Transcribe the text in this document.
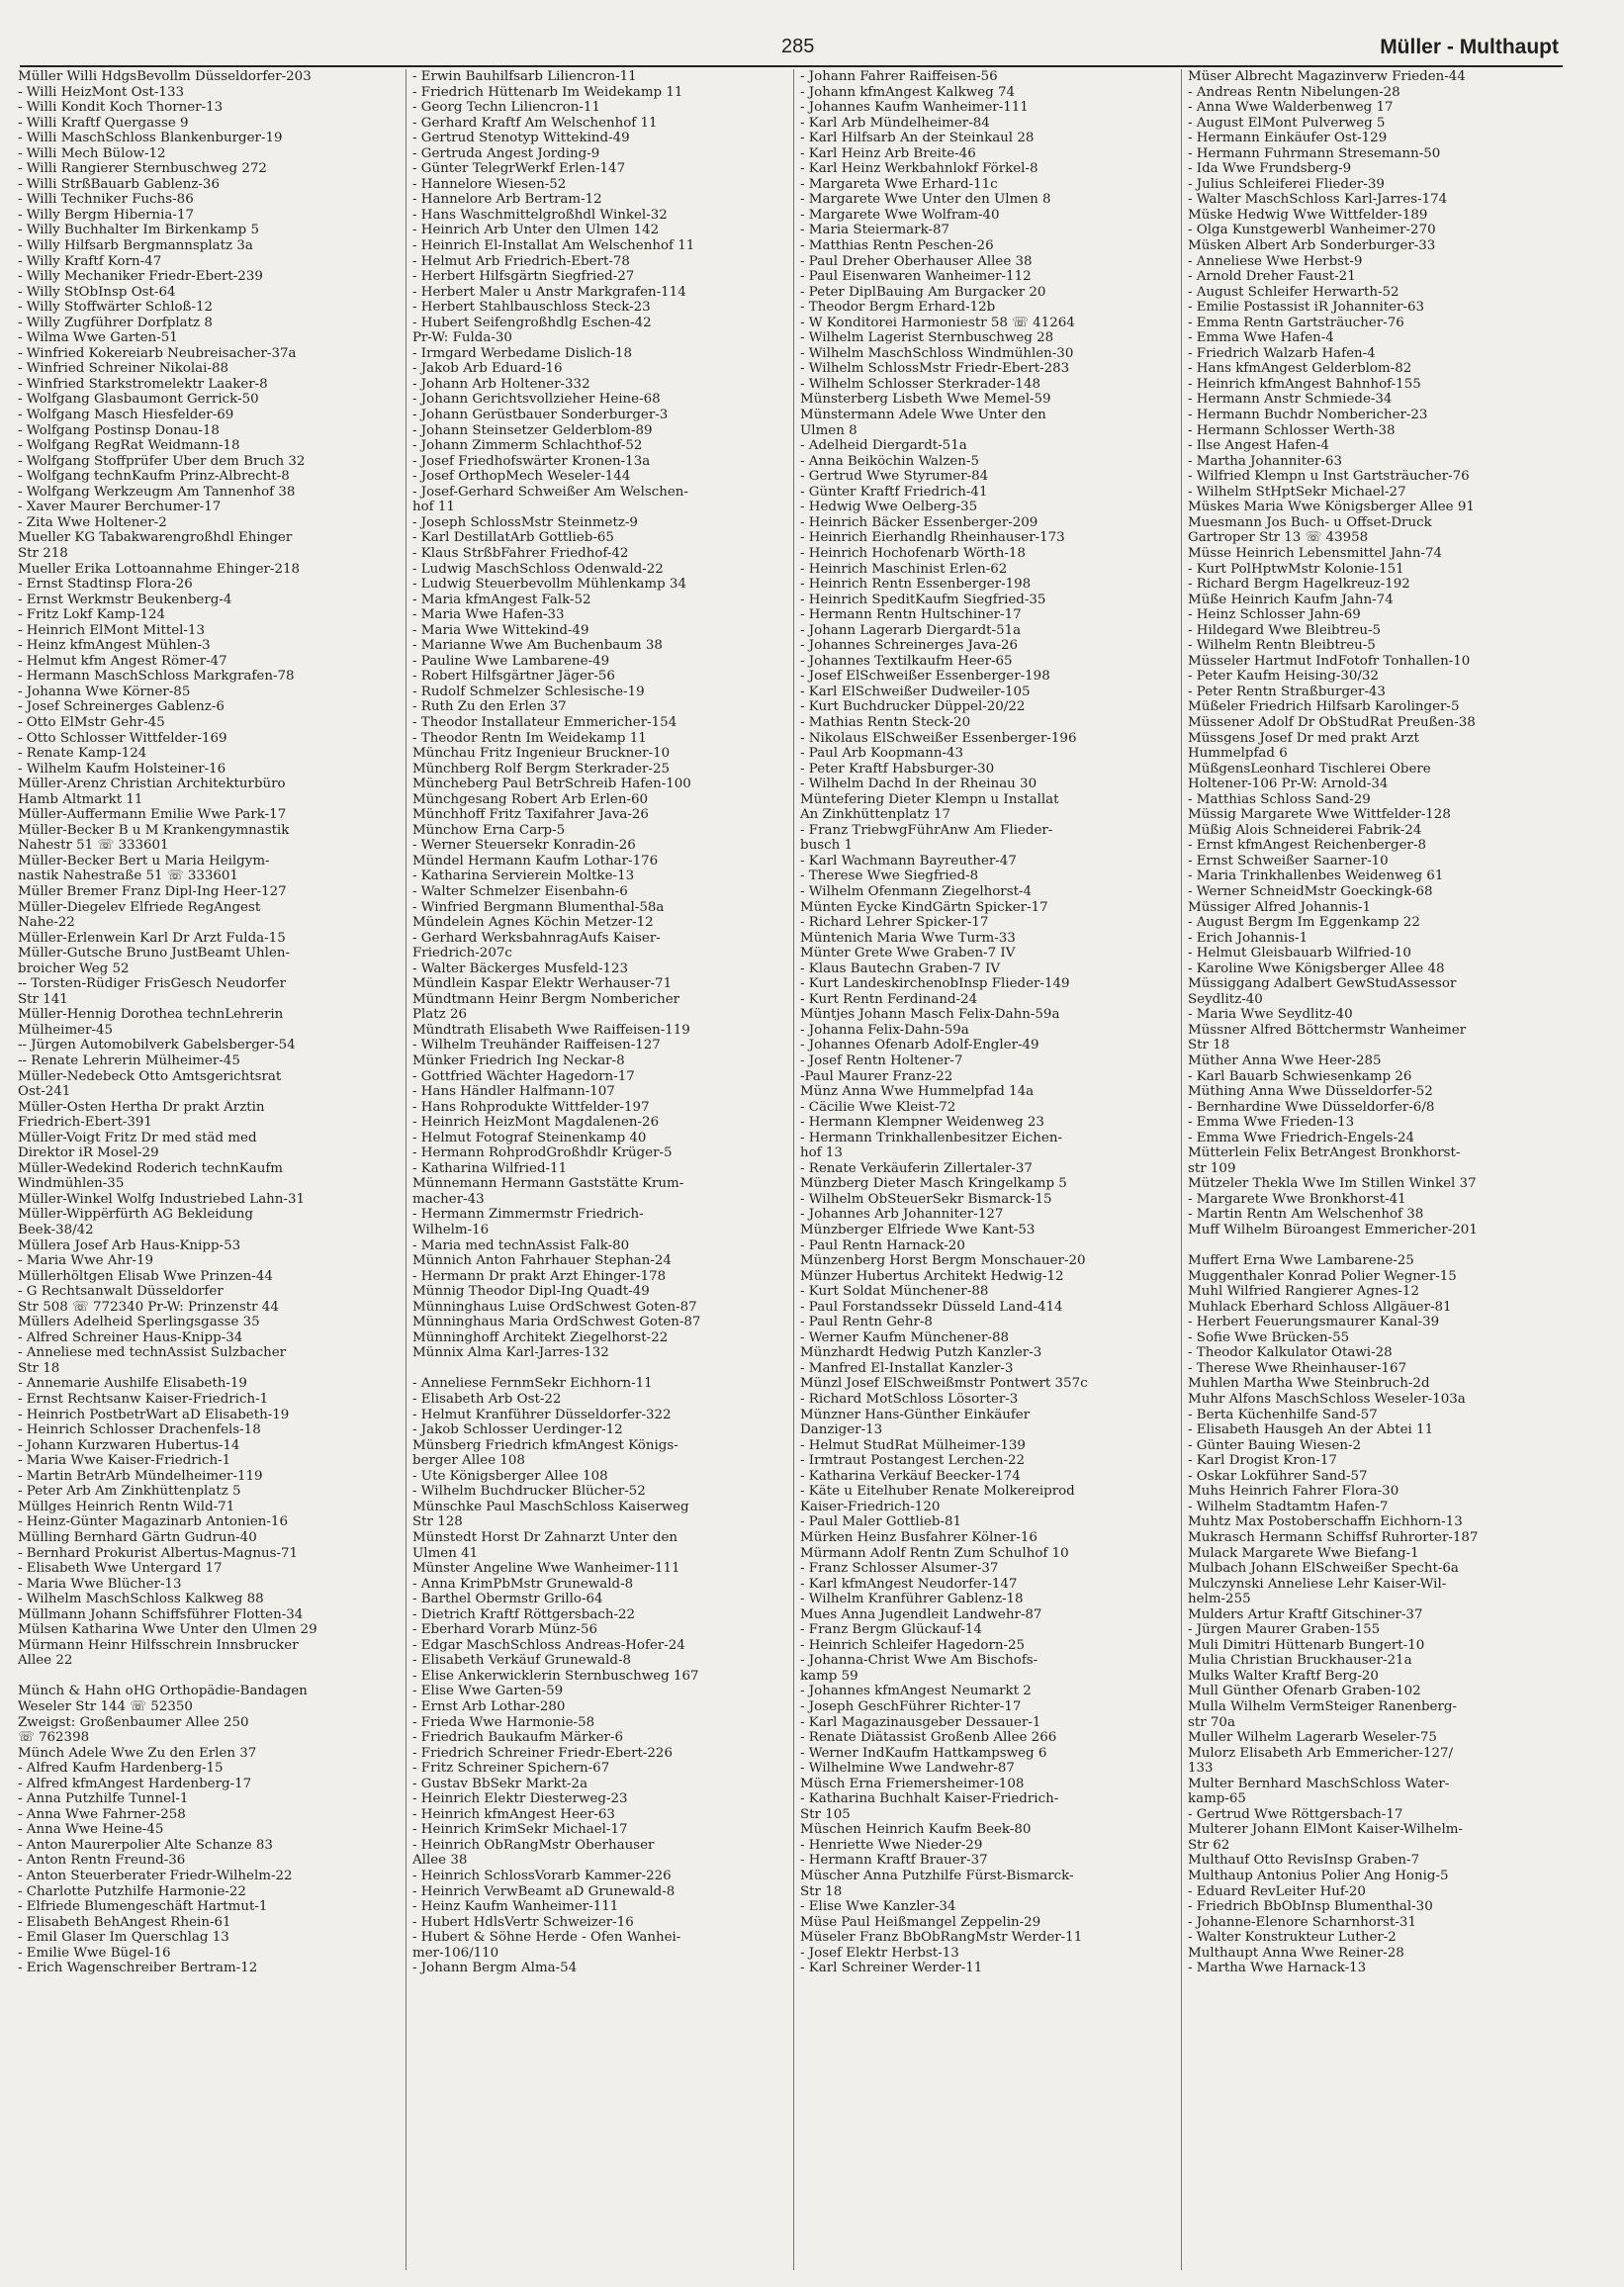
285	Müller - Multhaupt

Müller Willi HdgsBevollm Düsseldorfer-203

- Willi HeizMont Ost-133

- Willi Kondit Koch Thorner-13

- Willi Kraftf Quergasse 9

- Willi MaschSchloss Blankenburger-19

- Willi Mech Bülow-12

- Willi Rangierer Sternbuschweg 272

- Willi StrßBauarb Gablenz-36

- Willi Techniker Fuchs-86

- Willy Bergm Hibernia-17

- Willy Buchhalter Im Birkenkamp 5

- Willy Hilfsarb Bergmannsplatz 3a

- Willy Kraftf Korn-47

- Willy Mechaniker Friedr-Ebert-239

- Willy StObInsp Ost-64

- Willy Stoffwärter Schloß-12

- Willy Zugführer Dorfplatz 8

- Wilma Wwe Garten-51

- Winfried Kokereiarb Neubreisacher-37a

- Winfried Schreiner Nikolai-88

- Winfried Starkstromelektr Laaker-8

- Wolfgang Glasbaumont Gerrick-50

- Wolfgang Masch Hiesfelder-69

- Wolfgang Postinsp Donau-18

- Wolfgang RegRat Weidmann-18

- Wolfgang Stoffprüfer Über dem Bruch 32

- Wolfgang technKaufm Prinz-Albrecht-8

- Wolfgang Werkzeugm Am Tannenhof 38

- Xaver Maurer Berchumer-17

- Zita Wwe Holtener-2

Mueller KG Tabakwarengroßhdl Ehinger

Str 218

Mueller Erika Lottoannahme Ehinger-218

- Ernst Stadtinsp Flora-26

- Ernst Werkmstr Beukenberg-4

- Fritz Lokf Kamp-124

- Heinrich ElMont Mittel-13

- Heinz kfmAngest Mühlen-3

- Helmut kfm Angest Römer-47

- Hermann MaschSchloss Markgrafen-78

- Johanna Wwe Körner-85

- Josef Schreinerges Gablenz-6

- Otto ElMstr Gehr-45

- Otto Schlosser Wittfelder-169

- Renate Kamp-124

- Wilhelm Kaufm Holsteiner-16

Müller-Arenz Christian Architekturbüro

Hamb Altmarkt 11

Müller-Auffermann Emilie Wwe Park-17

Müller-Becker B u M Krankengymnastik

Nahestr 51 ☏ 333601

Müller-Becker Bert u Maria Heilgym-

nastik Nahestraße 51 ☏ 333601

Müller Bremer Franz Dipl-Ing Heer-127

Müller-Diegelev Elfriede RegAngest

Nahe-22

Müller-Erlenwein Karl Dr Arzt Fulda-15

Müller-Gutsche Bruno JustBeamt Uhlen-

broicher Weg 52

-- Torsten-Rüdiger FrisGesch Neudorfer

Str 141

Müller-Hennig Dorothea technLehrerin

Mülheimer-45

-- Jürgen Automobilverk Gabelsberger-54

-- Renate Lehrerin Mülheimer-45

Müller-Nedebeck Otto Amtsgerichtsrat

Ost-241

Müller-Osten Hertha Dr prakt Ärztin

Friedrich-Ebert-391

Müller-Voigt Fritz Dr med städ med

Direktor iR Mosel-29

Müller-Wedekind Roderich technKaufm

Windmühlen-35

Müller-Winkel Wolfg Industriebed Lahn-31

Müller-Wippërfürth AG Bekleidung

Beek-38/42

Müllera Josef Arb Haus-Knipp-53

- Maria Wwe Ahr-19

Müllerhöltgen Elisab Wwe Prinzen-44

- G Rechtsanwalt Düsseldorfer

Str 508 ☏ 772340 Pr-W: Prinzenstr 44

Müllers Adelheid Sperlingsgasse 35

- Alfred Schreiner Haus-Knipp-34

- Anneliese med technAssist Sulzbacher

Str 18

- Annemarie Aushilfe Elisabeth-19

- Ernst Rechtsanw Kaiser-Friedrich-1

- Heinrich PostbetrWart aD Elisabeth-19

- Heinrich Schlosser Drachenfels-18

- Johann Kurzwaren Hubertus-14

- Maria Wwe Kaiser-Friedrich-1

- Martin BetrArb Mündelheimer-119

- Peter Arb Am Zinkhüttenplatz 5

Müllges Heinrich Rentn Wild-71

- Heinz-Günter Magazinarb Antonien-16

Mülling Bernhard Gärtn Gudrun-40

- Bernhard Prokurist Albertus-Magnus-71

- Elisabeth Wwe Untergard 17

- Maria Wwe Blücher-13

- Wilhelm MaschSchloss Kalkweg 88

Müllmann Johann Schiffsführer Flotten-34

Mülsen Katharina Wwe Unter den Ulmen 29

Mürmann Heinr Hilfsschrein Innsbrucker

Allee 22

Münch & Hahn oHG Orthopädie-Bandagen

Weseler Str 144 ☏ 52350

Zweigst: Großenbaumer Allee 250

☏ 762398

Münch Adele Wwe Zu den Erlen 37

- Alfred Kaufm Hardenberg-15

- Alfred kfmAngest Hardenberg-17

- Anna Putzhilfe Tunnel-1

- Anna Wwe Fahrner-258

- Anna Wwe Heine-45

- Anton Maurerpolier Alte Schanze 83

- Anton Rentn Freund-36

- Anton Steuerberater Friedr-Wilhelm-22

- Charlotte Putzhilfe Harmonie-22

- Elfriede Blumengeschäft Hartmut-1

- Elisabeth BehAngest Rhein-61

- Emil Glaser Im Querschlag 13

- Emilie Wwe Bügel-16

- Erich Wagenschreiber Bertram-12

- Erwin Bauhilfsarb Liliencron-11

- Friedrich Hüttenarb Im Weidekamp 11

- Georg Techn Liliencron-11

- Gerhard Kraftf Am Welschenhof 11

- Gertrud Stenotyp Wittekind-49

- Gertruda Angest Jording-9

- Günter TelegrWerkf Erlen-147

- Hannelore Wiesen-52

- Hannelore Arb Bertram-12

- Hans Waschmittelgroßhdl Winkel-32

- Heinrich Arb Unter den Ulmen 142

- Heinrich El-Installat Am Welschenhof 11

- Helmut Arb Friedrich-Ebert-78

- Herbert Hilfsgärtn Siegfried-27

- Herbert Maler u Anstr Markgrafen-114

- Herbert Stahlbauschloss Steck-23

- Hubert Seifengroßhdlg Eschen-42

Pr-W: Fulda-30

- Irmgard Werbedame Dislich-18

- Jakob Arb Eduard-16

- Johann Arb Holtener-332

- Johann Gerichtsvollzieher Heine-68

- Johann Gerüstbauer Sonderburger-3

- Johann Steinsetzer Gelderblom-89

- Johann Zimmerm Schlachthof-52

- Josef Friedhofswärter Kronen-13a

- Josef OrthopMech Weseler-144

- Josef-Gerhard Schweißer Am Welschen-

hof 11

- Joseph SchlossMstr Steinmetz-9

- Karl DestillatArb Gottlieb-65

- Klaus StrßbFahrer Friedhof-42

- Ludwig MaschSchloss Odenwald-22

- Ludwig Steuerbevollm Mühlenkamp 34

- Maria kfmAngest Falk-52

- Maria Wwe Hafen-33

- Maria Wwe Wittekind-49

- Marianne Wwe Am Buchenbaum 38

- Pauline Wwe Lambarene-49

- Robert Hilfsgärtner Jäger-56

- Rudolf Schmelzer Schlesische-19

- Ruth Zu den Erlen 37

- Theodor Installateur Emmericher-154

- Theodor Rentn Im Weidekamp 11

Münchau Fritz Ingenieur Bruckner-10

Münchberg Rolf Bergm Sterkrader-25

Müncheberg Paul BetrSchreib Hafen-100

Münchgesang Robert Arb Erlen-60

Münchhoff Fritz Taxifahrer Java-26

Münchow Erna Carp-5

- Werner Steuersekr Konradin-26

Mündel Hermann Kaufm Lothar-176

- Katharina Servierein Moltke-13

- Walter Schmelzer Eisenbahn-6

- Winfried Bergmann Blumenthal-58a

Mündelein Agnes Köchin Metzer-12

- Gerhard WerksbahnragAufs Kaiser-

Friedrich-207c

- Walter Bäckerges Musfeld-123

Mündlein Kaspar Elektr Werhauser-71

Mündtmann Heinr Bergm Nombericher

Platz 26

Mündtrath Elisabeth Wwe Raiffeisen-119

- Wilhelm Treuhänder Raiffeisen-127

Münker Friedrich Ing Neckar-8

- Gottfried Wächter Hagedorn-17

- Hans Händler Halfmann-107

- Hans Rohprodukte Wittfelder-197

- Heinrich HeizMont Magdalenen-26

- Helmut Fotograf Steinenkamp 40

- Hermann RohprodGroßhdlr Krüger-5

- Katharina Wilfried-11

Münnemann Hermann Gaststätte Krum-

macher-43

- Hermann Zimmermstr Friedrich-

Wilhelm-16

- Maria med technAssist Falk-80

Münnich Anton Fahrhauer Stephan-24

- Hermann Dr prakt Arzt Ehinger-178

Münnig Theodor Dipl-Ing Quadt-49

Münninghaus Luise OrdSchwest Goten-87

Münninghaus Maria OrdSchwest Goten-87

Münninghoff Architekt Ziegelhorst-22

Münnix Alma Karl-Jarres-132

- Anneliese FernmSekr Eichhorn-11

- Elisabeth Arb Ost-22

- Helmut Kranführer Düsseldorfer-322

- Jakob Schlosser Uerdinger-12

Münsberg Friedrich kfmAngest Königs-

berger Allee 108

- Ute Königsberger Allee 108

- Wilhelm Buchdrucker Blücher-52

Münschke Paul MaschSchloss Kaiserweg

Str 128

Münstedt Horst Dr Zahnarzt Unter den

Ulmen 41

Münster Angeline Wwe Wanheimer-111

- Anna KrimPbMstr Grunewald-8

- Barthel Obermstr Grillo-64

- Dietrich Kraftf Röttgersbach-22

- Eberhard Vorarb Münz-56

- Edgar MaschSchloss Andreas-Hofer-24

- Elisabeth Verkäuf Grunewald-8

- Elise Ankerwicklerin Sternbuschweg 167

- Elise Wwe Garten-59

- Ernst Arb Lothar-280

- Frieda Wwe Harmonie-58

- Friedrich Baukaufm Märker-6

- Friedrich Schreiner Friedr-Ebert-226

- Fritz Schreiner Spichern-67

- Gustav BbSekr Markt-2a

- Heinrich Elektr Diesterweg-23

- Heinrich kfmAngest Heer-63

- Heinrich KrimSekr Michael-17

- Heinrich ObRangMstr Oberhauser

Allee 38

- Heinrich SchlossVorarb Kammer-226

- Heinrich VerwBeamt aD Grunewald-8

- Heinz Kaufm Wanheimer-111

- Hubert HdlsVertr Schweizer-16

- Hubert & Söhne Herde - Öfen Wanhei-

mer-106/110

- Johann Bergm Alma-54

- Johann Fahrer Raiffeisen-56

- Johann kfmAngest Kalkweg 74

- Johannes Kaufm Wanheimer-111

- Karl Arb Mündelheimer-84

- Karl Hilfsarb An der Steinkaul 28

- Karl Heinz Arb Breite-46

- Karl Heinz Werkbahnlokf Förkel-8

- Margareta Wwe Erhard-11c

- Margarete Wwe Unter den Ulmen 8

- Margarete Wwe Wolfram-40

- Maria Steiermark-87

- Matthias Rentn Peschen-26

- Paul Dreher Oberhauser Allee 38

- Paul Eisenwaren Wanheimer-112

- Peter DiplBauing Am Burgacker 20

- Theodor Bergm Erhard-12b

- W Konditorei Harmoniestr 58 ☏ 41264

- Wilhelm Lagerist Sternbuschweg 28

- Wilhelm MaschSchloss Windmühlen-30

- Wilhelm SchlossMstr Friedr-Ebert-283

- Wilhelm Schlosser Sterkrader-148

Münsterberg Lisbeth Wwe Memel-59

Münstermann Adele Wwe Unter den

Ulmen 8

- Adelheid Diergardt-51a

- Anna Beiköchin Walzen-5

- Gertrud Wwe Styrumer-84

- Günter Kraftf Friedrich-41

- Hedwig Wwe Oelberg-35

- Heinrich Bäcker Essenberger-209

- Heinrich Eierhandlg Rheinhauser-173

- Heinrich Hochofenarb Wörth-18

- Heinrich Maschinist Erlen-62

- Heinrich Rentn Essenberger-198

- Heinrich SpeditKaufm Siegfried-35

- Hermann Rentn Hultschiner-17

- Johann Lagerarb Diergardt-51a

- Johannes Schreinerges Java-26

- Johannes Textilkaufm Heer-65

- Josef ElSchweißer Essenberger-198

- Karl ElSchweißer Dudweiler-105

- Kurt Buchdrucker Düppel-20/22

- Mathias Rentn Steck-20

- Nikolaus ElSchweißer Essenberger-196

- Paul Arb Koopmann-43

- Peter Kraftf Habsburger-30

- Wilhelm Dachd In der Rheinau 30

Müntefering Dieter Klempn u Installat

An Zinkhüttenplatz 17

- Franz TriebwgFührAnw Am Flieder-

busch 1

- Karl Wachmann Bayreuther-47

- Therese Wwe Siegfried-8

- Wilhelm Ofenmann Ziegelhorst-4

Münten Eycke KindGärtn Spicker-17

- Richard Lehrer Spicker-17

Müntenich Maria Wwe Turm-33

Münter Grete Wwe Graben-7 IV

- Klaus Bautechn Graben-7 IV

- Kurt LandeskirchenobInsp Flieder-149

- Kurt Rentn Ferdinand-24

Müntjes Johann Masch Felix-Dahn-59a

- Johanna Felix-Dahn-59a

- Johannes Ofenarb Adolf-Engler-49

- Josef Rentn Holtener-7

-Paul Maurer Franz-22

Münz Anna Wwe Hummelpfad 14a

- Cäcilie Wwe Kleist-72

- Hermann Klempner Weidenweg 23

- Hermann Trinkhallenbesitzer Eichen-

hof 13

- Renate Verkäuferin Zillertaler-37

Münzberg Dieter Masch Kringelkamp 5

- Wilhelm ObSteuerSekr Bismarck-15

- Johannes Arb Johanniter-127

Münzberger Elfriede Wwe Kant-53

- Paul Rentn Harnack-20

Münzenberg Horst Bergm Monschauer-20

Münzer Hubertus Architekt Hedwig-12

- Kurt Soldat Münchener-88

- Paul Forstandssekr Düsseld Land-414

- Paul Rentn Gehr-8

- Werner Kaufm Münchener-88

Münzhardt Hedwig Putzh Kanzler-3

- Manfred El-Installat Kanzler-3

Münzl Josef ElSchweißmstr Pontwert 357c

- Richard MotSchloss Lösorter-3

Münzner Hans-Günther Einkäufer

Danziger-13

- Helmut StudRat Mülheimer-139

- Irmtraut Postangest Lerchen-22

- Katharina Verkäuf Beecker-174

- Käte u Eitelhuber Renate Molkereiprod

Kaiser-Friedrich-120

- Paul Maler Gottlieb-81

Mürken Heinz Busfahrer Kölner-16

Mürmann Adolf Rentn Zum Schulhof 10

- Franz Schlosser Alsumer-37

- Karl kfmAngest Neudorfer-147

- Wilhelm Kranführer Gablenz-18

Mues Anna Jugendleit Landwehr-87

- Franz Bergm Glückauf-14

- Heinrich Schleifer Hagedorn-25

- Johanna-Christ Wwe Am Bischofs-

kamp 59

- Johannes kfmAngest Neumarkt 2

- Joseph GeschFührer Richter-17

- Karl Magazinausgeber Dessauer-1

- Renate Diätassist Großenb Allee 266

- Werner IndKaufm Hattkampsweg 6

- Wilhelmine Wwe Landwehr-87

Müsch Erna Friemersheimer-108

- Katharina Buchhalt Kaiser-Friedrich-

Str 105

Müschen Heinrich Kaufm Beek-80

- Henriette Wwe Nieder-29

- Hermann Kraftf Brauer-37

Müscher Anna Putzhilfe Fürst-Bismarck-

Str 18

- Elise Wwe Kanzler-34

Müse Paul Heißmangel Zeppelin-29

Müseler Franz BbObRangMstr Werder-11

- Josef Elektr Herbst-13

- Karl Schreiner Werder-11

Müser Albrecht Magazinverw Frieden-44

- Andreas Rentn Nibelungen-28

- Anna Wwe Walderbenweg 17

- August ElMont Pulverweg 5

- Hermann Einkäufer Ost-129

- Hermann Fuhrmann Stresemann-50

- Ida Wwe Frundsberg-9

- Julius Schleiferei Flieder-39

- Walter MaschSchloss Karl-Jarres-174

Müske Hedwig Wwe Wittfelder-189

- Olga Kunstgewerbl Wanheimer-270

Müsken Albert Arb Sonderburger-33

- Anneliese Wwe Herbst-9

- Arnold Dreher Faust-21

- August Schleifer Herwarth-52

- Emilie Postassist iR Johanniter-63

- Emma Rentn Gartsträucher-76

- Emma Wwe Hafen-4

- Friedrich Walzarb Hafen-4

- Hans kfmAngest Gelderblom-82

- Heinrich kfmAngest Bahnhof-155

- Hermann Anstr Schmiede-34

- Hermann Buchdr Nombericher-23

- Hermann Schlosser Werth-38

- Ilse Angest Hafen-4

- Martha Johanniter-63

- Wilfried Klempn u Inst Gartsträucher-76

- Wilhelm StHptSekr Michael-27

Müskes Maria Wwe Königsberger Allee 91

Muesmann Jos Buch- u Offset-Druck

Gartroper Str 13 ☏ 43958

Müsse Heinrich Lebensmittel Jahn-74

- Kurt PolHptwMstr Kolonie-151

- Richard Bergm Hagelkreuz-192

Müße Heinrich Kaufm Jahn-74

- Heinz Schlosser Jahn-69

- Hildegard Wwe Bleibtreu-5

- Wilhelm Rentn Bleibtreu-5

Müsseler Hartmut IndFotofr Tonhallen-10

- Peter Kaufm Heising-30/32

- Peter Rentn Straßburger-43

Müßeler Friedrich Hilfsarb Karolinger-5

Müssener Adolf Dr ObStudRat Preußen-38

Müssgens Josef Dr med prakt Arzt

Hummelpfad 6

MüßgensLeonhard Tischlerei Obere

Holtener-106 Pr-W: Arnold-34

- Matthias Schloss Sand-29

Müssig Margarete Wwe Wittfelder-128

Müßig Alois Schneiderei Fabrik-24

- Ernst kfmAngest Reichenberger-8

- Ernst Schweißer Saarner-10

- Maria Trinkhallenbes Weidenweg 61

- Werner SchneidMstr Goeckingk-68

Müssiger Alfred Johannis-1

- August Bergm Im Eggenkamp 22

- Erich Johannis-1

- Helmut Gleisbauarb Wilfried-10

- Karoline Wwe Königsberger Allee 48

Müssiggang Adalbert GewStudAssessor

Seydlitz-40

- Maria Wwe Seydlitz-40

Müssner Alfred Böttchermstr Wanheimer

Str 18

Müther Anna Wwe Heer-285

- Karl Bauarb Schwiesenkamp 26

Müthing Anna Wwe Düsseldorfer-52

- Bernhardine Wwe Düsseldorfer-6/8

- Emma Wwe Frieden-13

- Emma Wwe Friedrich-Engels-24

Mütterlein Felix BetrAngest Bronkhorst-

str 109

Mützeler Thekla Wwe Im Stillen Winkel 37

- Margarete Wwe Bronkhorst-41

- Martin Rentn Am Welschenhof 38

Muff Wilhelm Büroangest Emmericher-201

Muffert Erna Wwe Lambarene-25

Muggenthaler Konrad Polier Wegner-15

Muhl Wilfried Rangierer Agnes-12

Muhlack Eberhard Schloss Allgäuer-81

- Herbert Feuerungsmaurer Kanal-39

- Sofie Wwe Brücken-55

- Theodor Kalkulator Otawi-28

- Therese Wwe Rheinhauser-167

Muhlen Martha Wwe Steinbruch-2d

Muhr Alfons MaschSchloss Weseler-103a

- Berta Küchenhilfe Sand-57

- Elisabeth Hausgeh An der Abtei 11

- Günter Bauing Wiesen-2

- Karl Drogist Kron-17

- Oskar Lokführer Sand-57

Muhs Heinrich Fahrer Flora-30

- Wilhelm Stadtamtm Hafen-7

Muhtz Max Postoberschaffn Eichhorn-13

Mukrasch Hermann Schiffsf Ruhrorter-187

Mulack Margarete Wwe Biefang-1

Mulbach Johann ElSchweißer Specht-6a

Mulczynski Anneliese Lehr Kaiser-Wil-

helm-255

Mulders Artur Kraftf Gitschiner-37

- Jürgen Maurer Graben-155

Muli Dimitri Hüttenarb Bungert-10

Mulia Christian Bruckhauser-21a

Mulks Walter Kraftf Berg-20

Mull Günther Ofenarb Graben-102

Mulla Wilhelm VermSteiger Ranenberg-

str 70a

Muller Wilhelm Lagerarb Weseler-75

Mulorz Elisabeth Arb Emmericher-127/

133

Multer Bernhard MaschSchloss Water-

kamp-65

- Gertrud Wwe Röttgersbach-17

Multerer Johann ElMont Kaiser-Wilhelm-

Str 62

Multhauf Otto RevisInsp Graben-7

Multhaup Antonius Polier Ang Honig-5

- Eduard RevLeiter Huf-20

- Friedrich BbObInsp Blumenthal-30

- Johanne-Elenore Scharnhorst-31

- Walter Konstrukteur Luther-2

Multhaupt Anna Wwe Reiner-28

- Martha Wwe Harnack-13
